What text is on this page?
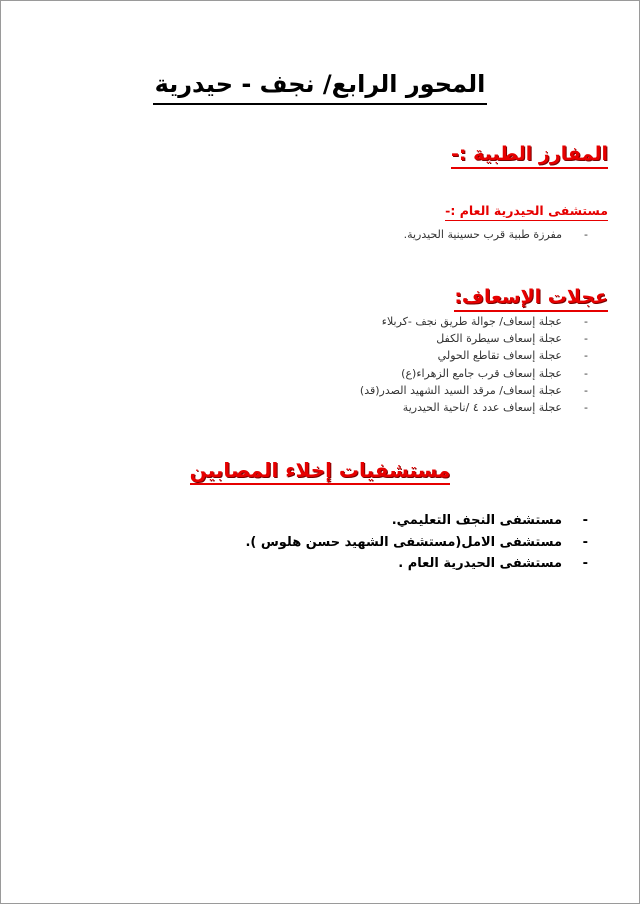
المحور الرابع/ نجف - حيدرية
المفارز الطبية :-
مستشفى الحيدرية العام :-
- مفرزة طبية قرب حسينية الحيدرية.
عجلات الإسعاف:
- عجلة إسعاف/ جوالة طريق نجف -كربلاء
- عجلة إسعاف سيطرة الكفل
- عجلة إسعاف تقاطع الحولي
- عجلة إسعاف قرب جامع الزهراء(ع)
- عجلة إسعاف/ مرقد السيد الشهيد الصدر(قد)
- عجلة إسعاف عدد ٤ /ناحية الحيدرية
مستشفيات إخلاء المصابين
- مستشفى النجف التعليمي.
- مستشفى الامل(مستشفى الشهيد حسن هلوس ).
- مستشفى الحيدرية العام .
